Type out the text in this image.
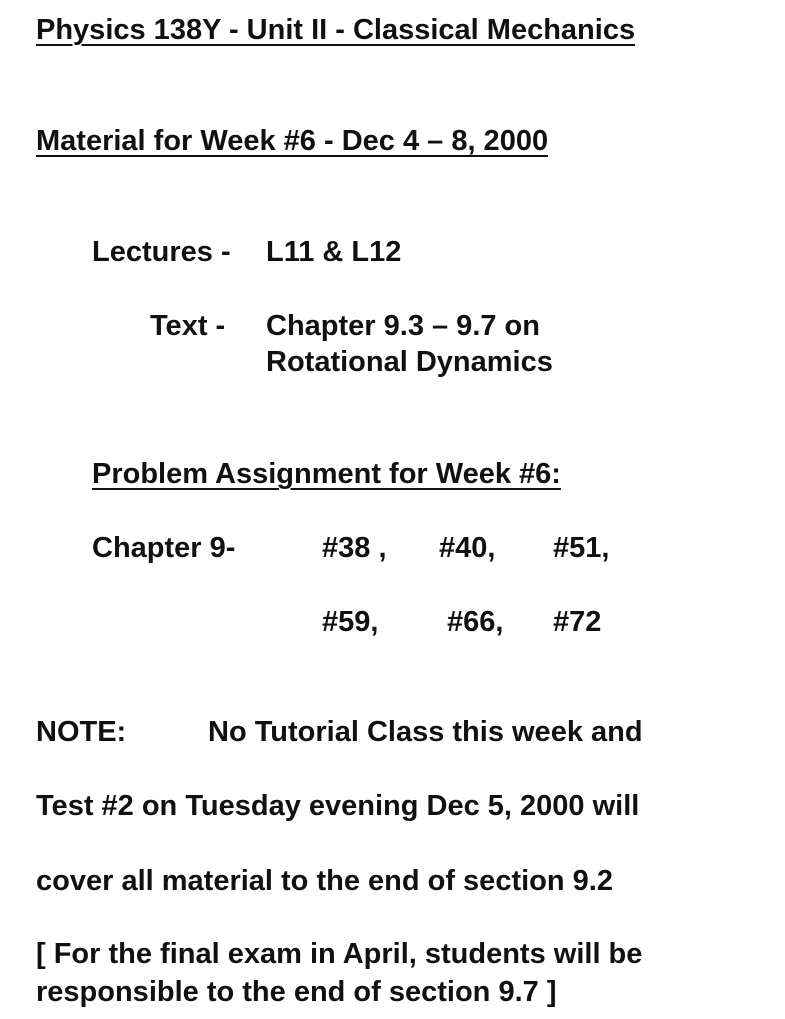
Physics 138Y - Unit II - Classical Mechanics
Material for Week #6 - Dec 4 – 8, 2000
Lectures - L11 & L12
Text - Chapter 9.3 – 9.7 on
Rotational Dynamics
Problem Assignment for Week #6:
Chapter 9-	#38 , #40, #51,
#59, #66, #72
NOTE:	No Tutorial Class this week and
Test #2 on Tuesday evening Dec 5, 2000 will
cover all material to the end of section 9.2
[ For the final exam in April, students will be
responsible to the end of section 9.7 ]
